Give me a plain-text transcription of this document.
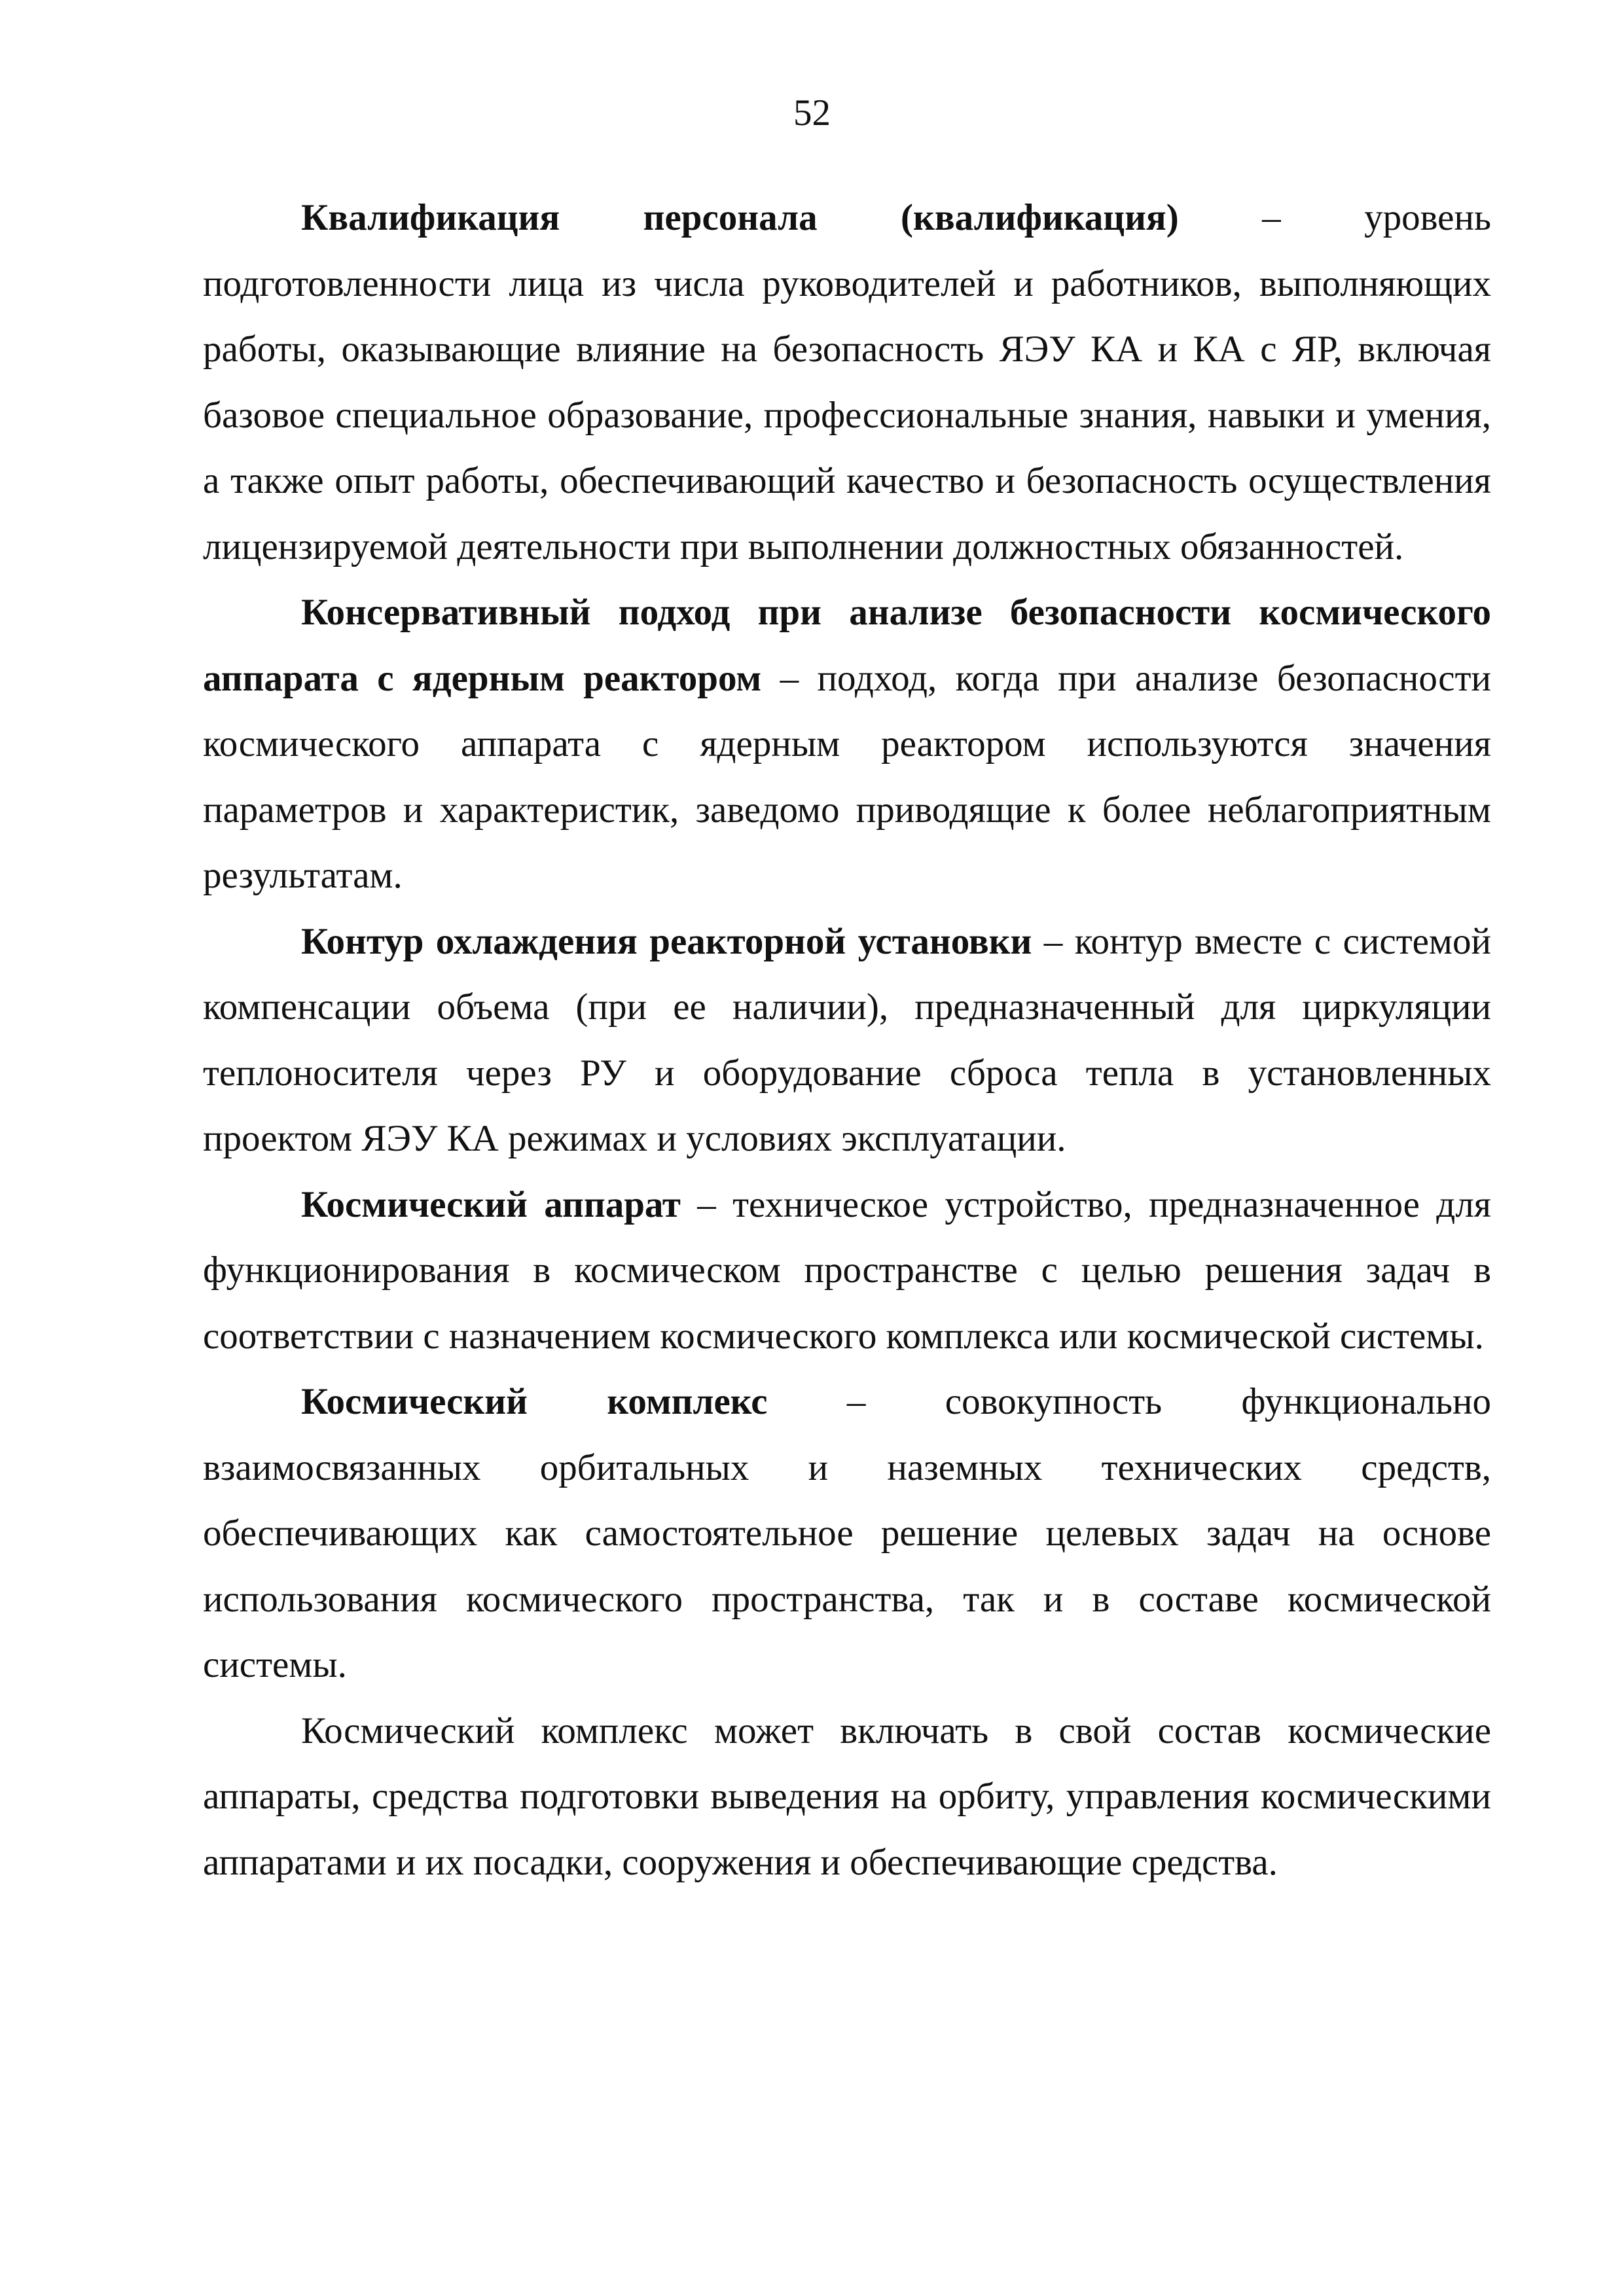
52

Квалификация персонала (квалификация) – уровень подготовленности лица из числа руководителей и работников, выполняющих работы, оказывающие влияние на безопасность ЯЭУ КА и КА с ЯР, включая базовое специальное образование, профессиональные знания, навыки и умения, а также опыт работы, обеспечивающий качество и безопасность осуществления лицензируемой деятельности при выполнении должностных обязанностей.

Консервативный подход при анализе безопасности космического аппарата с ядерным реактором – подход, когда при анализе безопасности космического аппарата с ядерным реактором используются значения параметров и характеристик, заведомо приводящие к более неблагоприятным результатам.

Контур охлаждения реакторной установки – контур вместе с системой компенсации объема (при ее наличии), предназначенный для циркуляции теплоносителя через РУ и оборудование сброса тепла в установленных проектом ЯЭУ КА режимах и условиях эксплуатации.

Космический аппарат – техническое устройство, предназначенное для функционирования в космическом пространстве с целью решения задач в соответствии с назначением космического комплекса или космической системы.

Космический комплекс – совокупность функционально взаимосвязанных орбитальных и наземных технических средств, обеспечивающих как самостоятельное решение целевых задач на основе использования космического пространства, так и в составе космической системы.

Космический комплекс может включать в свой состав космические аппараты, средства подготовки выведения на орбиту, управления космическими аппаратами и их посадки, сооружения и обеспечивающие средства.
